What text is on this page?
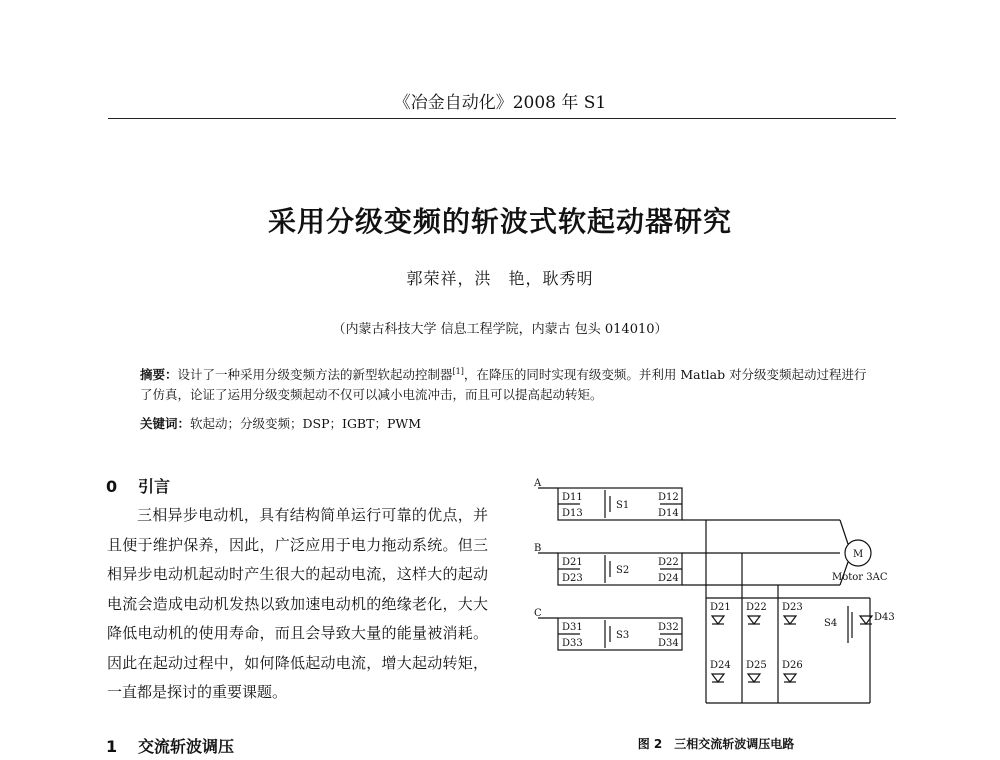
《冶金自动化》2008 年 S1
采用分级变频的斩波式软起动器研究
郭荣祥，洪　艳，耿秀明
（内蒙古科技大学 信息工程学院，内蒙古 包头 014010）
摘要：设计了一种采用分级变频方法的新型软起动控制器[1]，在降压的同时实现有级变频。并利用 Matlab 对分级变频起动过程进行了仿真，论证了运用分级变频起动不仅可以减小电流冲击，而且可以提高起动转矩。
关键词：软起动；分级变频；DSP；IGBT；PWM
0 引言
三相异步电动机，具有结构简单运行可靠的优点，并且便于维护保养，因此，广泛应用于电力拖动系统。但三相异步电动机起动时产生很大的起动电流，这样大的起动电流会造成电动机发热以致加速电动机的绝缘老化，大大降低电动机的使用寿命，而且会导致大量的能量被消耗。因此在起动过程中，如何降低起动电流，增大起动转矩，一直都是探讨的重要课题。
1 交流斩波调压
A
B
C
D11	D12
D13	D14
S1
D21	D22
D23	D24
S2
D31	D32
D33	D34
S3
D21 D22 D23
D24 D25 D26
S4
D43
M
Motor 3AC
图 2　三相交流斩波调压电路
